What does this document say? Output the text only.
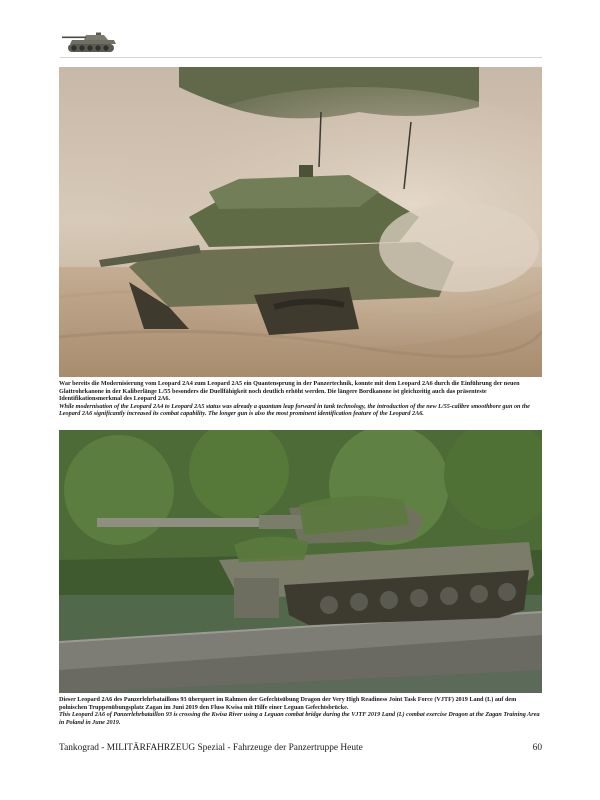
War bereits die Modernisierung vom Leopard 2A4 zum Leopard 2A5 ein Quantensprung in der Panzertechnik, konnte mit dem Leopard 2A6 durch die Einführung der neuen Glattrohrkanone in der Kaliberlänge L/55 besonders die Duellfähigkeit noch deutlich erhöht werden. Die längere Bordkanone ist gleichzeitig auch das präsenteste Identifikationsmerkmal des Leopard 2A6.
While modernisation of the Leopard 2A4 to Leopard 2A5 status was already a quantum leap forward in tank technology, the introduction of the new L/55-calibre smoothbore gun on the Leopard 2A6 significantly increased its combat capability. The longer gun is also the most prominent identification feature of the Leopard 2A6.
Dieser Leopard 2A6 des Panzerlehrbataillons 93 überquert im Rahmen der Gefechtsübung Dragon der Very High Readiness Joint Task Force (VJTF) 2019 Land (L) auf dem polnischen Truppenübungsplatz Zagan im Juni 2019 den Fluss Kwisa mit Hilfe einer Leguan Gefechtsbrücke.
This Leopard 2A6 of Panzerlehrbataillon 93 is crossing the Kwisa River using a Leguan combat bridge during the VJTF 2019 Land (L) combat exercise Dragon at the Zagan Training Area in Poland in June 2019.
Tankograd - MILITÄRFAHRZEUG Spezial - Fahrzeuge der Panzertruppe Heute	60
